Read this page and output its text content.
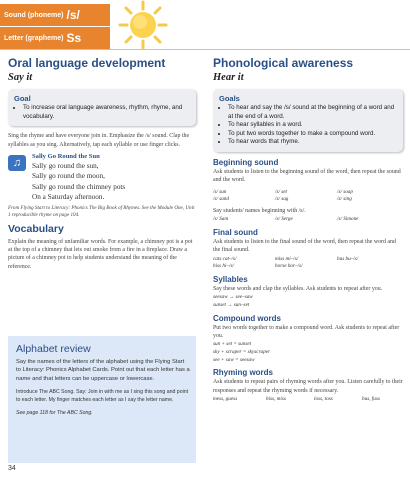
Sound (phoneme) /s/
Letter (grapheme) Ss
Oral language development
Say it
Goal
• To increase oral language awareness, rhythm, rhyme, and vocabulary.

Sing the rhyme and have everyone join in. Emphasize the /s/ sound. Clap the syllables as you sing. Alternatively, tap each syllable or use finger clicks.

♫
Sally Go Round the Sun
Sally go round the sun,
Sally go round the moon,
Sally go round the chimney pots
On a Saturday afternoon.
From Flying Start to Literacy: Phonics The Big Book of Rhymes. See the Module One, Unit 1 reproducible rhyme on page 104.
Vocabulary

Explain the meaning of unfamiliar words. For example, a chimney pot is a pot at the top of a chimney that lets out smoke from a fire in a fireplace. Draw a picture of a chimney pot to help students understand the meaning of the reference.

Alphabet review

Say the names of the letters of the alphabet using the Flying Start to Literacy: Phonics Alphabet Cards. Point out that each letter has a name and that letters can be uppercase or lowercase.

Introduce The ABC Song. Say: Join in with me as I sing this song and point to each letter. My finger matches each letter as I say the letter name.

See page 118 for The ABC Song.

Phonological awareness
Hear it
Goals
• To hear and say the /s/ sound at the beginning of a word and at the end of a word.
• To hear syllables in a word.
• To put two words together to make a compound word.
• To hear words that rhyme.
Beginning sound

Ask students to listen to the beginning sound of the word, then repeat the sound and the word.

/s/ sun	/s/ set	/s/ soap
/s/ sand	/s/ sag	/s/ sing

Say students' names beginning with /s/.

/s/ Sam	/s/ Serge	/s/ Simone
Final sound

Ask students to listen to the final sound of the word, then repeat the word and the final sound.

cats cat–/s/	miss mi–/s/	bus bu–/s/
hiss hi–/s/	horse hor–/s/
Syllables

Say these words and clap the syllables. Ask students to repeat after you.

seesaw → see–saw
sunset → sun–set
Compound words

Put two words together to make a compound word. Ask students to repeat after you.

sun + set = sunset
sky + scraper = skyscraper
see + saw = seesaw
Rhyming words

Ask students to repeat pairs of rhyming words after you. Listen carefully to their responses and repeat the rhyming words if necessary.

mess, guess	hiss, miss	loss, toss	bus, fuss
34
